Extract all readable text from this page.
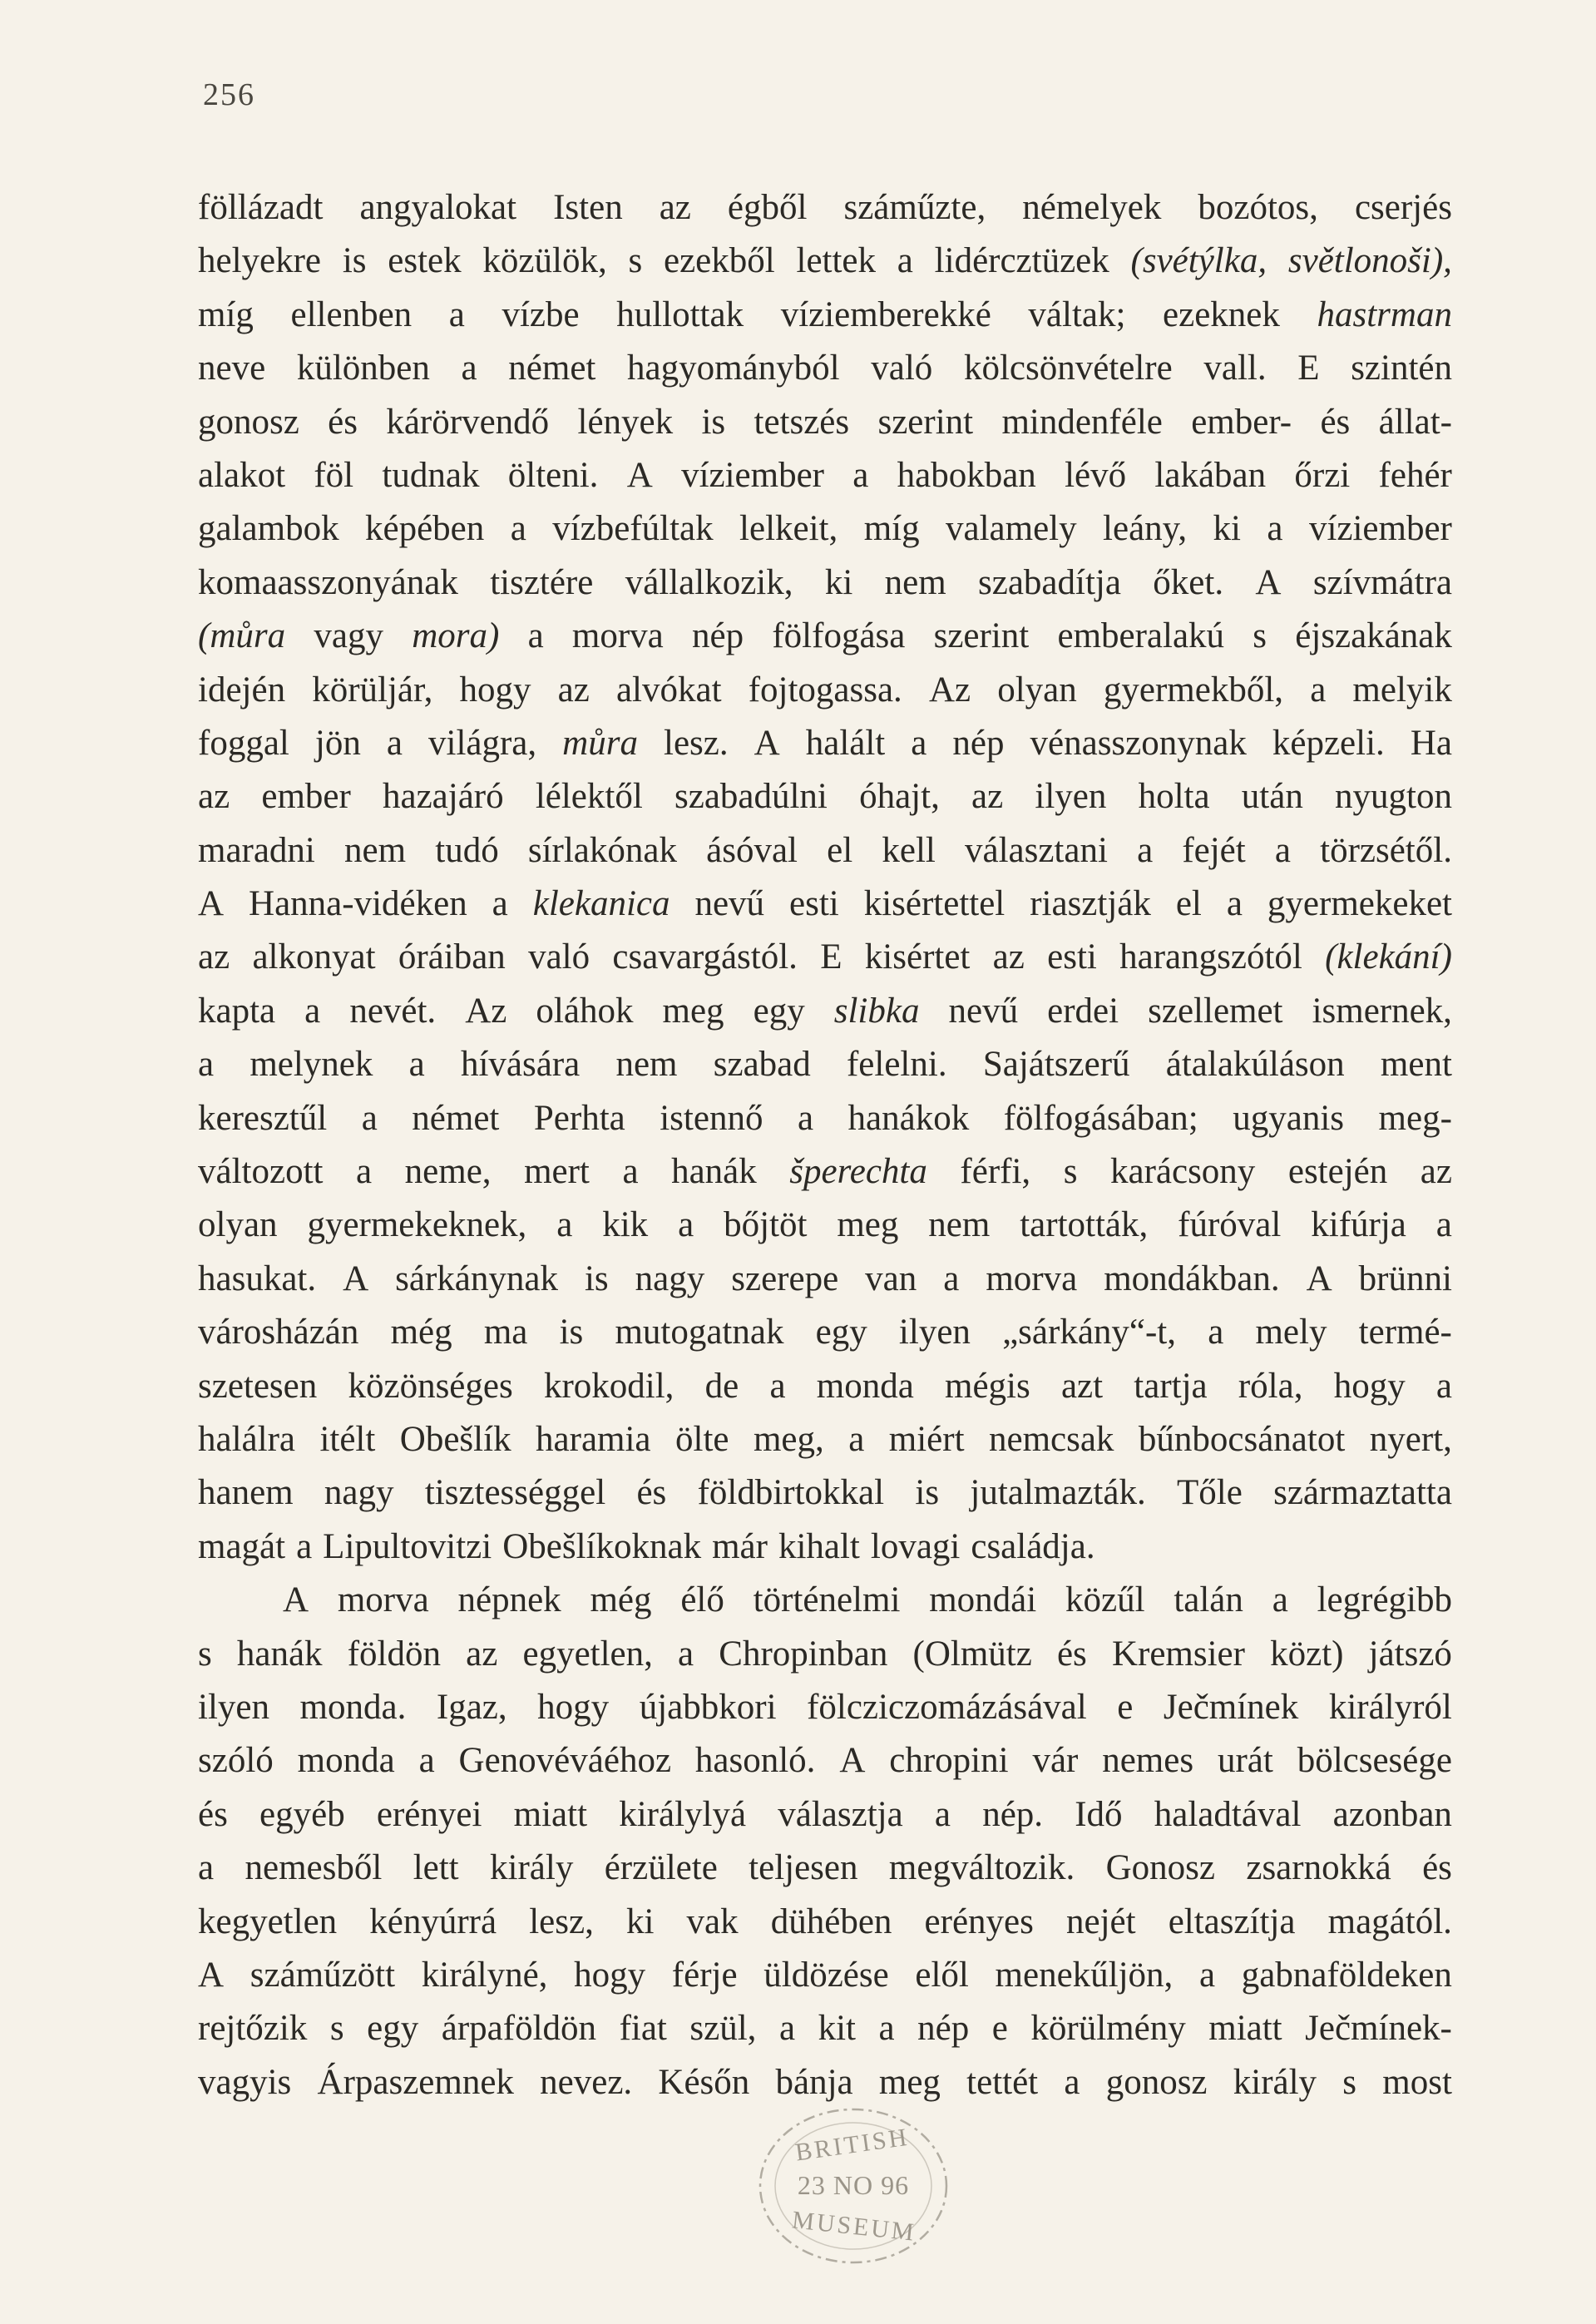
256
föllázadt angyalokat Isten az égből száműzte, némelyek bozótos, cserjés
helyekre is estek közülök, s ezekből lettek a lidércztüzek (svétýlka, světlonoši),
míg ellenben a vízbe hullottak víziemberekké váltak; ezeknek hastrman
neve különben a német hagyományból való kölcsönvételre vall. E szintén
gonosz és kárörvendő lények is tetszés szerint mindenféle ember- és állat-
alakot föl tudnak ölteni. A víziember a habokban lévő lakában őrzi fehér
galambok képében a vízbefúltak lelkeit, míg valamely leány, ki a víziember
komaasszonyának tisztére vállalkozik, ki nem szabadítja őket. A szívmátra
(můra vagy mora) a morva nép fölfogása szerint emberalakú s éjszakának
idején körüljár, hogy az alvókat fojtogassa. Az olyan gyermekből, a melyik
foggal jön a világra, můra lesz. A halált a nép vénasszonynak képzeli. Ha
az ember hazajáró lélektől szabadúlni óhajt, az ilyen holta után nyugton
maradni nem tudó sírlakónak ásóval el kell választani a fejét a törzsétől.
A Hanna-vidéken a klekanica nevű esti kisértettel riasztják el a gyermekeket
az alkonyat óráiban való csavargástól. E kisértet az esti harangszótól (klekání)
kapta a nevét. Az oláhok meg egy slibka nevű erdei szellemet ismernek,
a melynek a hívására nem szabad felelni. Sajátszerű átalakúláson ment
keresztűl a német Perhta istennő a hanákok fölfogásában; ugyanis meg-
változott a neme, mert a hanák šperechta férfi, s karácsony estején az
olyan gyermekeknek, a kik a bőjtöt meg nem tartották, fúróval kifúrja a
hasukat. A sárkánynak is nagy szerepe van a morva mondákban. A brünni
városházán még ma is mutogatnak egy ilyen „sárkány“-t, a mely termé-
szetesen közönséges krokodil, de a monda mégis azt tartja róla, hogy a
halálra itélt Obešlík haramia ölte meg, a miért nemcsak bűnbocsánatot nyert,
hanem nagy tisztességgel és földbirtokkal is jutalmazták. Tőle származtatta
magát a Lipultovitzi Obešlíkoknak már kihalt lovagi családja.
A morva népnek még élő történelmi mondái közűl talán a legrégibb
s hanák földön az egyetlen, a Chropinban (Olmütz és Kremsier közt) játszó
ilyen monda. Igaz, hogy újabbkori fölcziczomázásával e Ječmínek királyról
szóló monda a Genovéváéhoz hasonló. A chropini vár nemes urát bölcsesége
és egyéb erényei miatt királylyá választja a nép. Idő haladtával azonban
a nemesből lett király érzülete teljesen megváltozik. Gonosz zsarnokká és
kegyetlen kényúrrá lesz, ki vak dühében erényes nejét eltaszítja magától.
A száműzött királyné, hogy férje üldözése elől menekűljön, a gabnaföldeken
rejtőzik s egy árpaföldön fiat szül, a kit a nép e körülmény miatt Ječmínek-
vagyis Árpaszemnek nevez. Későn bánja meg tettét a gonosz király s most
BRITISH
23 NO 96
MUSEUM
